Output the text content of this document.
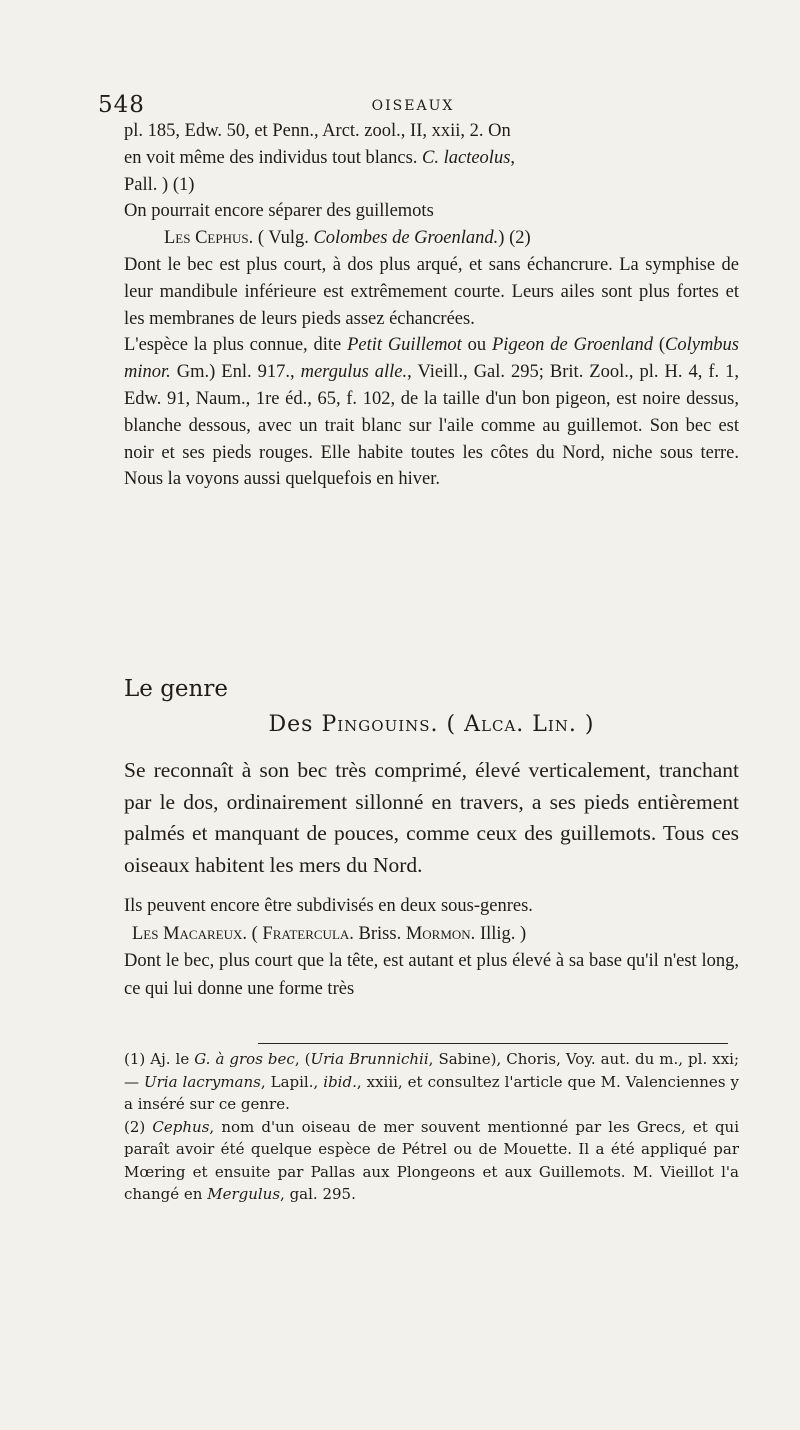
548	OISEAUX

pl. 185, Edw. 50, et Penn., Arct. zool., II, xxii, 2. On

en voit même des individus tout blancs. C. lacteolus,

Pall. ) (1)

On pourrait encore séparer des guillemots

Les Cephus. ( Vulg. Colombes de Groenland.) (2)

Dont le bec est plus court, à dos plus arqué, et sans échancrure. La symphise de leur mandibule inférieure est extrêmement courte. Leurs ailes sont plus fortes et les membranes de leurs pieds assez échancrées.

L'espèce la plus connue, dite Petit Guillemot ou Pigeon de Groenland (Colymbus minor. Gm.) Enl. 917., mergulus alle., Vieill., Gal. 295; Brit. Zool., pl. H. 4, f. 1, Edw. 91, Naum., 1re éd., 65, f. 102, de la taille d'un bon pigeon, est noire dessus, blanche dessous, avec un trait blanc sur l'aile comme au guillemot. Son bec est noir et ses pieds rouges. Elle habite toutes les côtes du Nord, niche sous terre. Nous la voyons aussi quelquefois en hiver.

Le genre
Des Pingouins. ( Alca. Lin. )

Se reconnaît à son bec très comprimé, élevé verticalement, tranchant par le dos, ordinairement sillonné en travers, a ses pieds entièrement palmés et manquant de pouces, comme ceux des guillemots. Tous ces oiseaux habitent les mers du Nord.

Ils peuvent encore être subdivisés en deux sous-genres.

Les Macareux. ( Fratercula. Briss. Mormon. Illig. )

Dont le bec, plus court que la tête, est autant et plus élevé à sa base qu'il n'est long, ce qui lui donne une forme très

(1) Aj. le G. à gros bec, (Uria Brunnichii, Sabine), Choris, Voy. aut. du m., pl. xxi; — Uria lacrymans, Lapil., ibid., xxiii, et consultez l'article que M. Valenciennes y a inséré sur ce genre.

(2) Cephus, nom d'un oiseau de mer souvent mentionné par les Grecs, et qui paraît avoir été quelque espèce de Pétrel ou de Mouette. Il a été appliqué par Mœring et ensuite par Pallas aux Plongeons et aux Guillemots. M. Vieillot l'a changé en Mergulus, gal. 295.
